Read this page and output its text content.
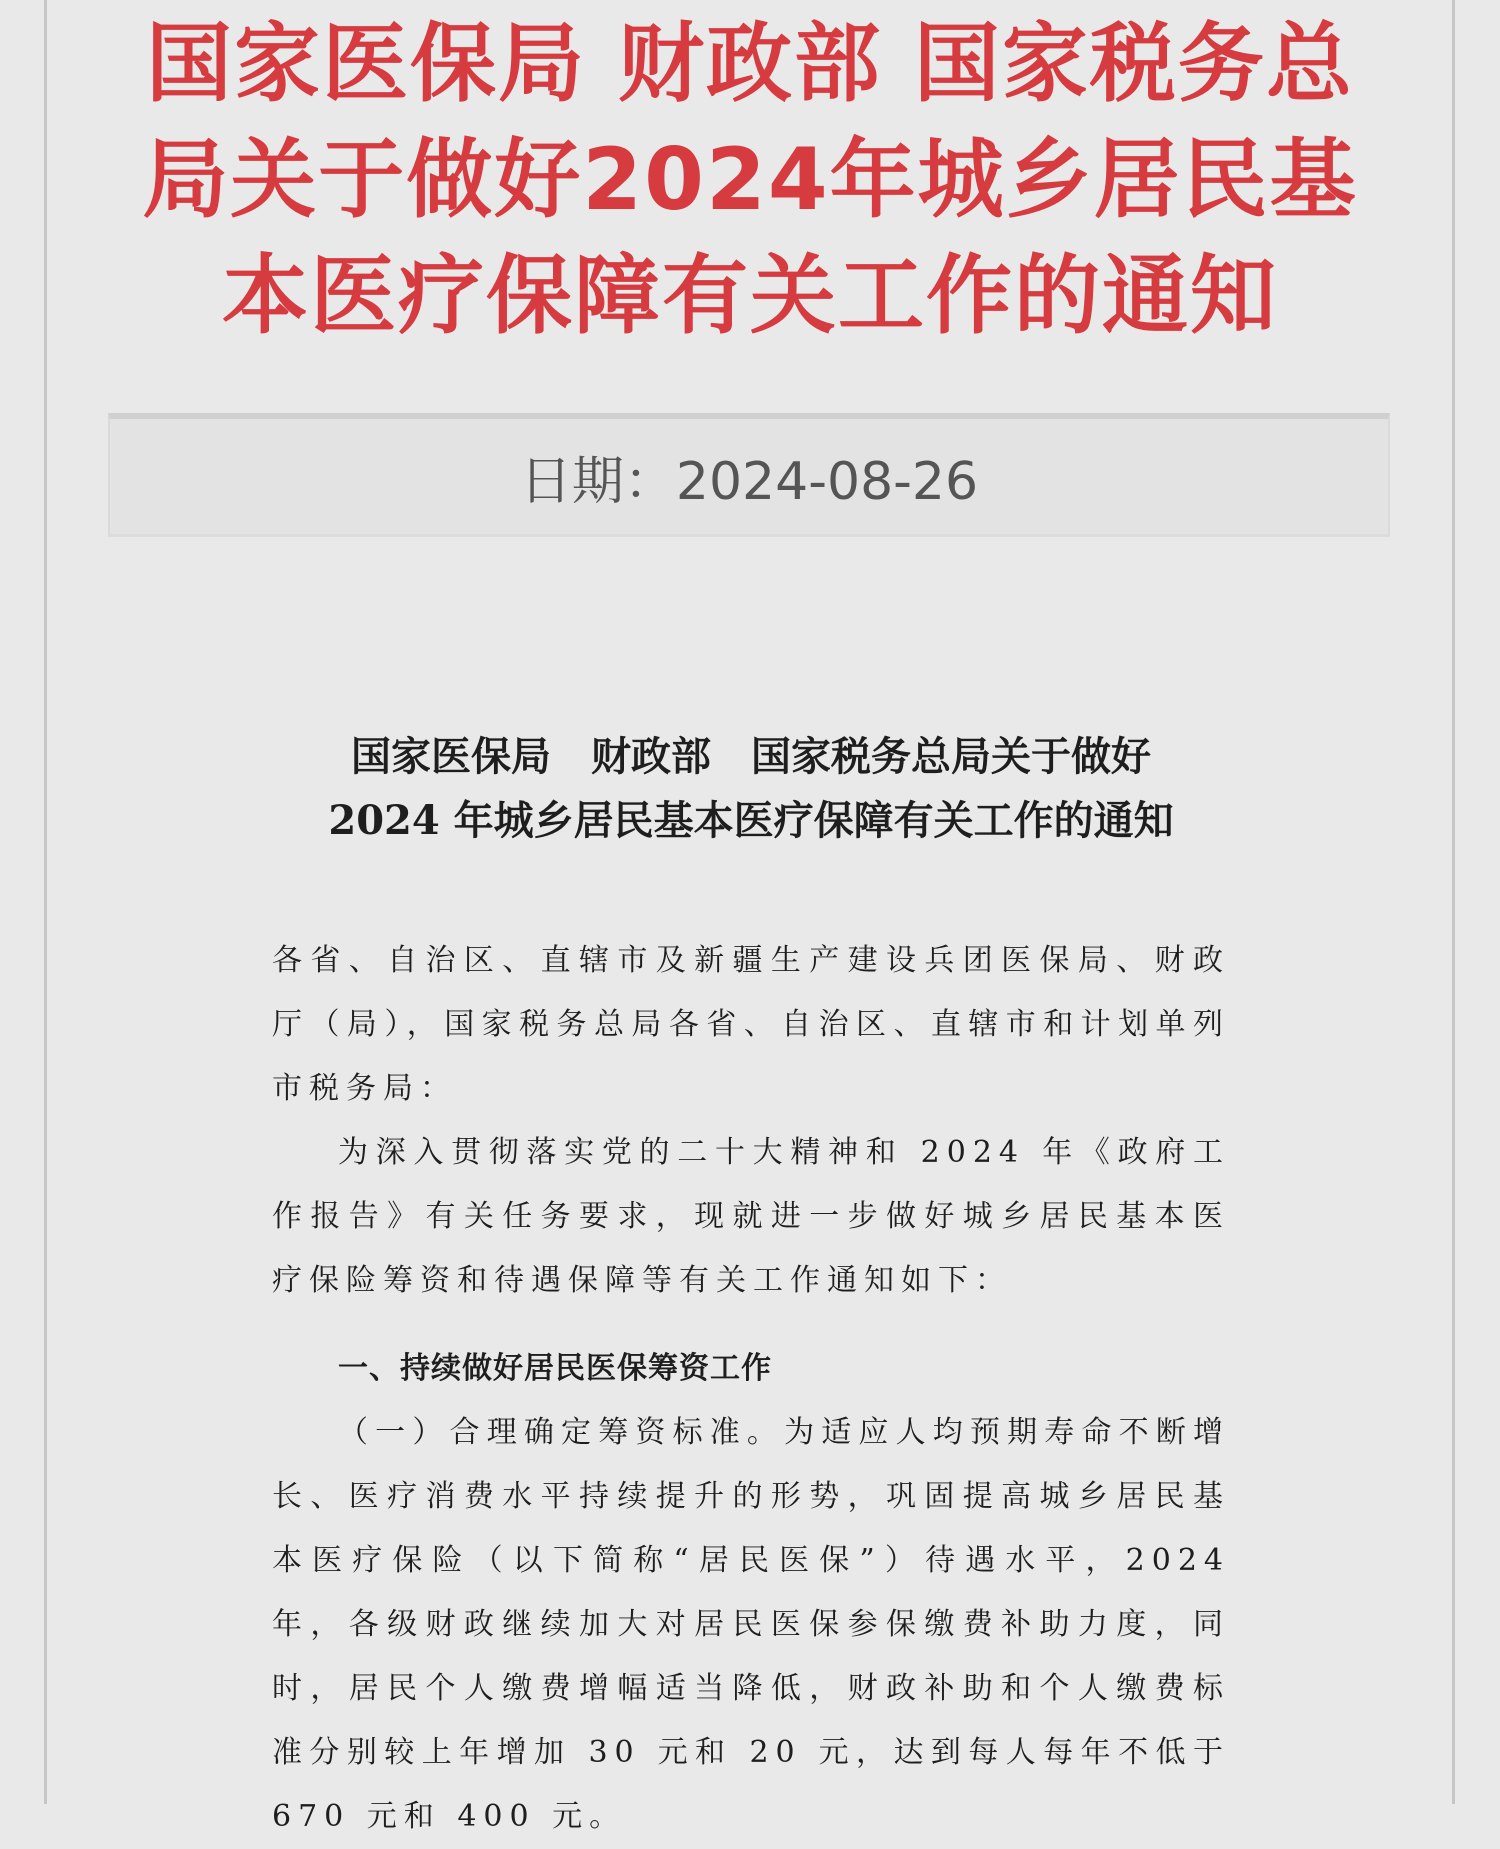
国家医保局 财政部 国家税务总
局关于做好2024年城乡居民基
本医疗保障有关工作的通知
日期：2024-08-26
国家医保局　财政部　国家税务总局关于做好
2024 年城乡居民基本医疗保障有关工作的通知

各省、自治区、直辖市及新疆生产建设兵团医保局、财政厅（局），国家税务总局各省、自治区、直辖市和计划单列市税务局：

为深入贯彻落实党的二十大精神和 2024 年《政府工作报告》有关任务要求，现就进一步做好城乡居民基本医疗保险筹资和待遇保障等有关工作通知如下：

一、持续做好居民医保筹资工作

（一）合理确定筹资标准。为适应人均预期寿命不断增长、医疗消费水平持续提升的形势，巩固提高城乡居民基本医疗保险（以下简称“居民医保”）待遇水平，2024 年，各级财政继续加大对居民医保参保缴费补助力度，同时，居民个人缴费增幅适当降低，财政补助和个人缴费标准分别较上年增加 30 元和 20 元，达到每人每年不低于 670 元和 400 元。
